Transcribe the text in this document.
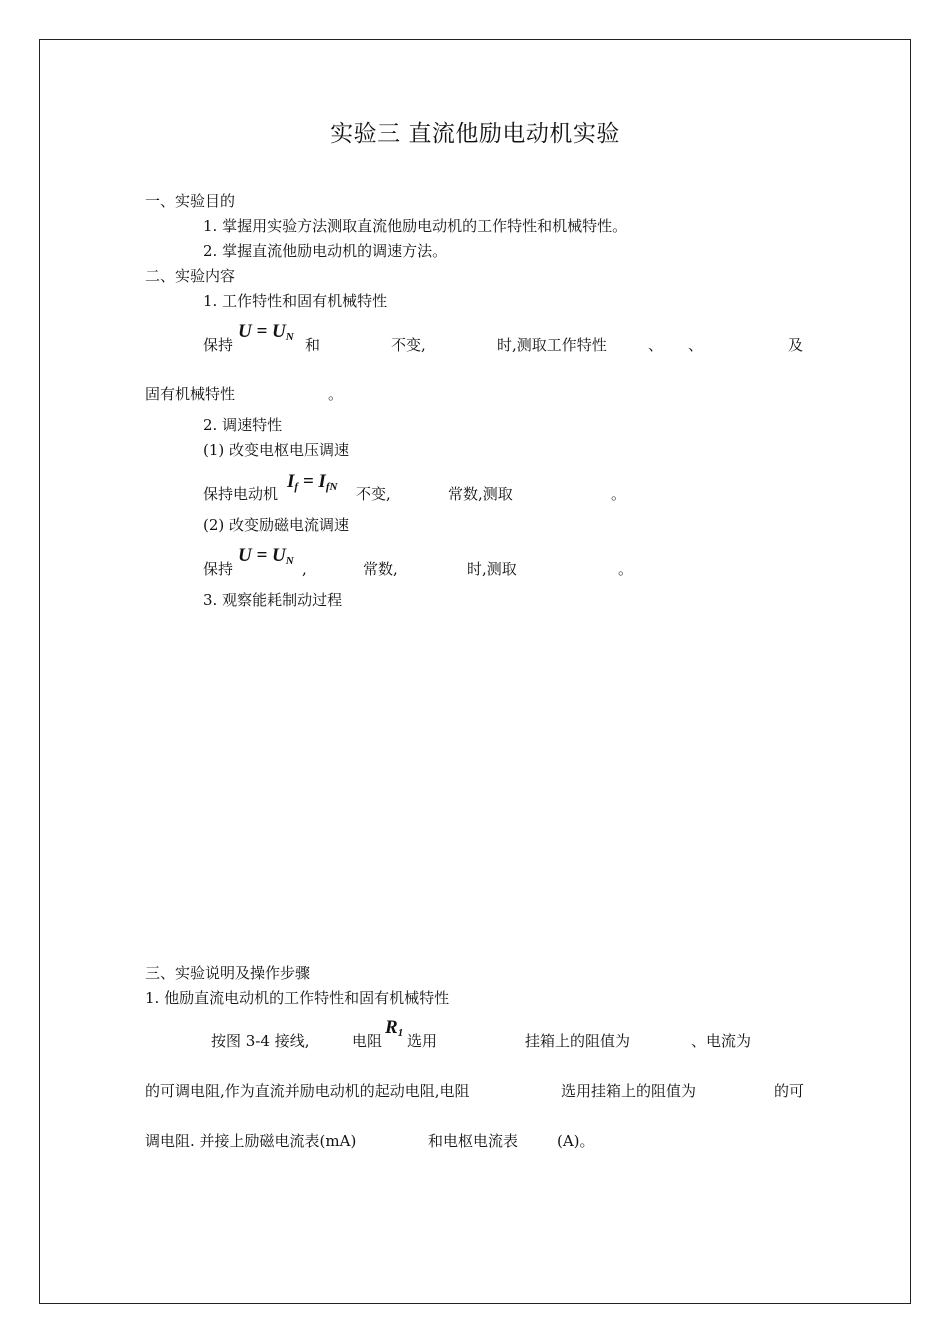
实验三 直流他励电动机实验
一、实验目的
1. 掌握用实验方法测取直流他励电动机的工作特性和机械特性。
2. 掌握直流他励电动机的调速方法。
二、实验内容
1. 工作特性和固有机械特性
保持
$U = U_N$ 和	不变,	时,测取工作特性	、 、	及
固有机械特性	。
2. 调速特性
(1) 改变电枢电压调速
保持电动机
$I_f = I_{fN}$ 不变,	常数,测取	。
(2) 改变励磁电流调速
保持
$U = U_N$ ,	常数,	时,测取	。
3. 观察能耗制动过程
三、实验说明及操作步骤
1. 他励直流电动机的工作特性和固有机械特性
按图 3-4 接线,	电阻
$R_1$ 选用	挂箱上的阻值为	、电流为
的可调电阻,作为直流并励电动机的起动电阻,电阻	选用挂箱上的阻值为	的可
调电阻. 并接上励磁电流表(mA)	和电枢电流表	(A)。
